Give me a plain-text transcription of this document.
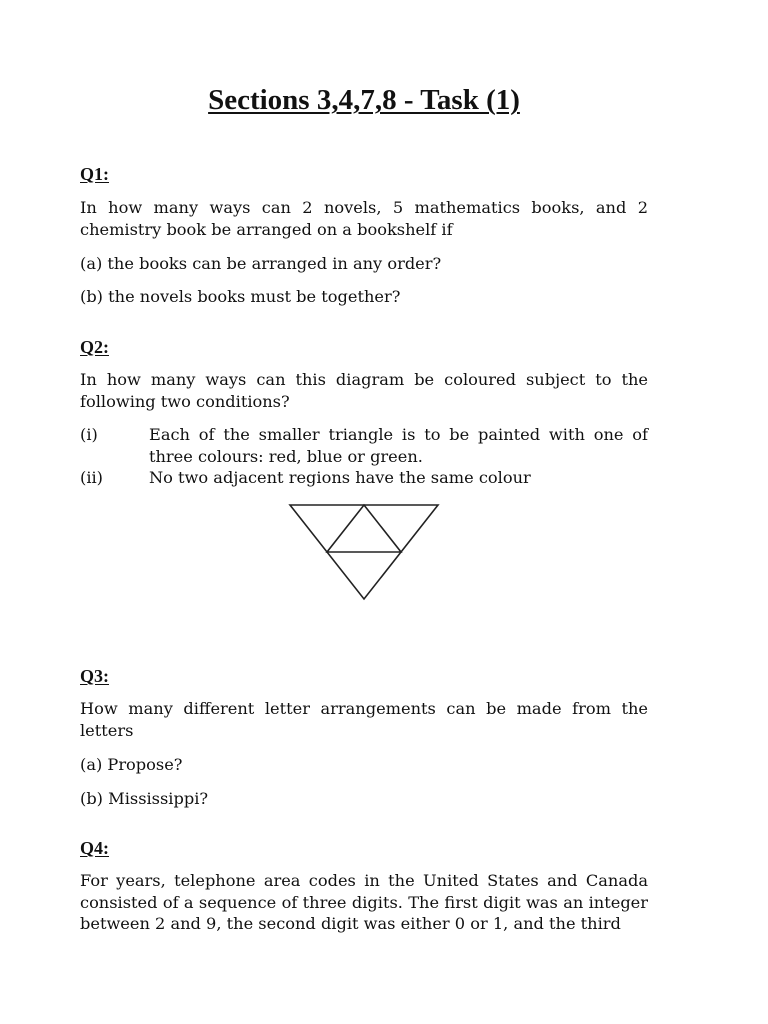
Sections 3,4,7,8 - Task (1)
Q1:
In how many ways can 2 novels, 5 mathematics books, and 2 chemistry book be arranged on a bookshelf if
(a) the books can be arranged in any order?
(b) the novels books must be together?
Q2:
In how many ways can this diagram be coloured subject to the following two conditions?
(i)	Each of the smaller triangle is to be painted with one of three colours: red, blue or green.
(ii)	No two adjacent regions have the same colour
Q3:
How many different letter arrangements can be made from the letters
(a) Propose?
(b) Mississippi?
Q4:
For years, telephone area codes in the United States and Canada consisted of a sequence of three digits. The first digit was an integer between 2 and 9, the second digit was either 0 or 1, and the third
